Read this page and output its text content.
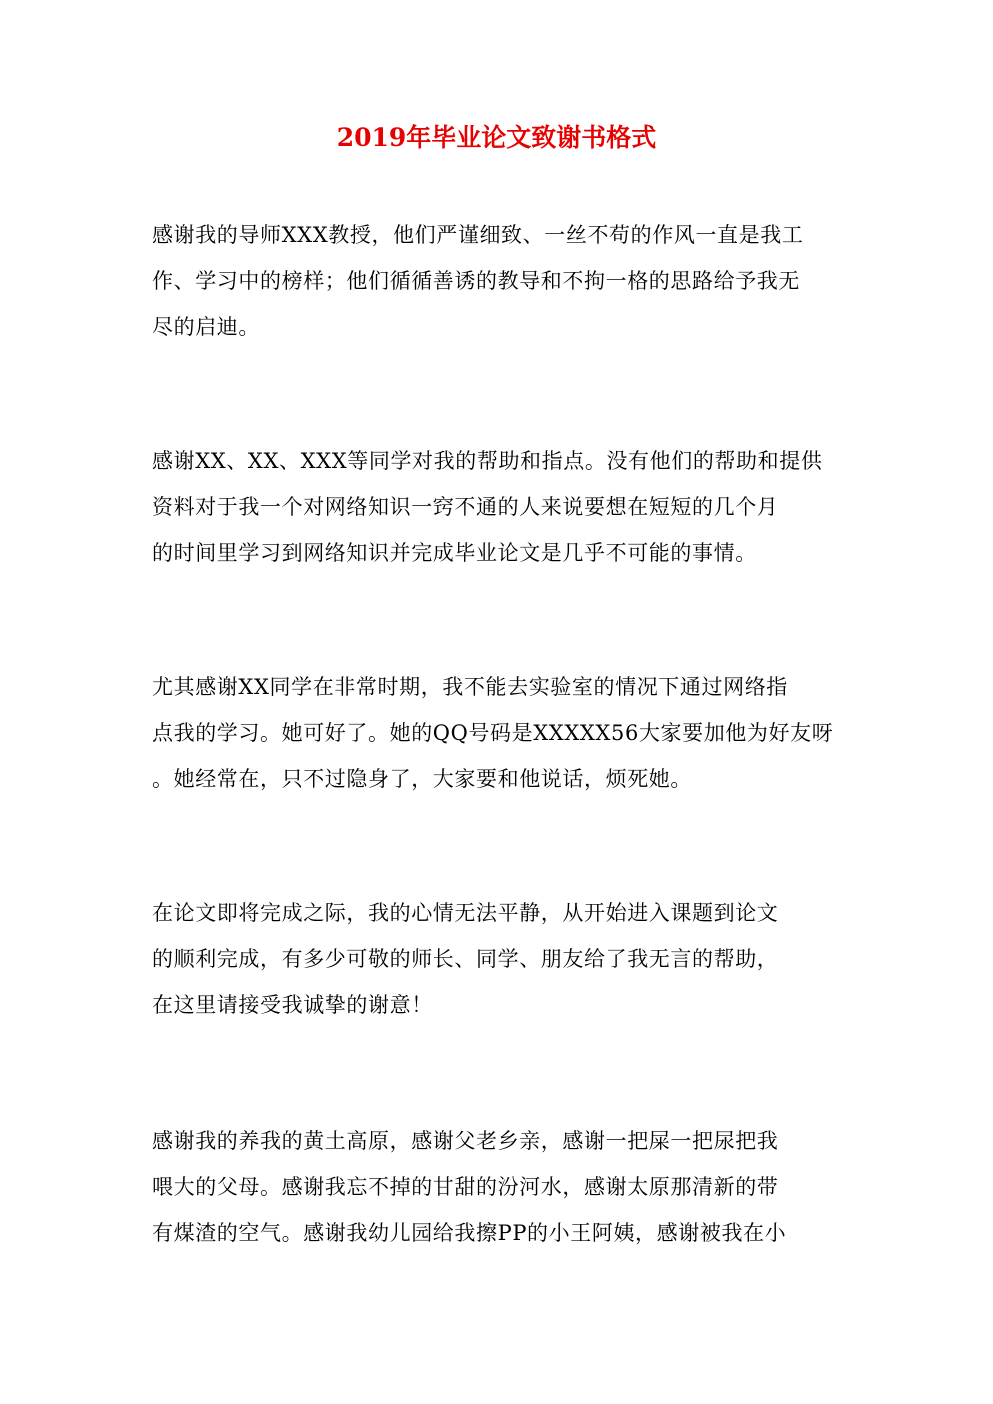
2019年毕业论文致谢书格式

感谢我的导师XXX教授，他们严谨细致、一丝不苟的作风一直是我工
作、学习中的榜样；他们循循善诱的教导和不拘一格的思路给予我无
尽的启迪。

感谢XX、XX、XXX等同学对我的帮助和指点。没有他们的帮助和提供
资料对于我一个对网络知识一窍不通的人来说要想在短短的几个月
的时间里学习到网络知识并完成毕业论文是几乎不可能的事情。

尤其感谢XX同学在非常时期，我不能去实验室的情况下通过网络指
点我的学习。她可好了。她的QQ号码是XXXXX56大家要加他为好友呀
。她经常在，只不过隐身了，大家要和他说话，烦死她。

在论文即将完成之际，我的心情无法平静，从开始进入课题到论文
的顺利完成，有多少可敬的师长、同学、朋友给了我无言的帮助，
在这里请接受我诚挚的谢意！

感谢我的养我的黄土高原，感谢父老乡亲，感谢一把屎一把尿把我
喂大的父母。感谢我忘不掉的甘甜的汾河水，感谢太原那清新的带
有煤渣的空气。感谢我幼儿园给我擦PP的小王阿姨，感谢被我在小
